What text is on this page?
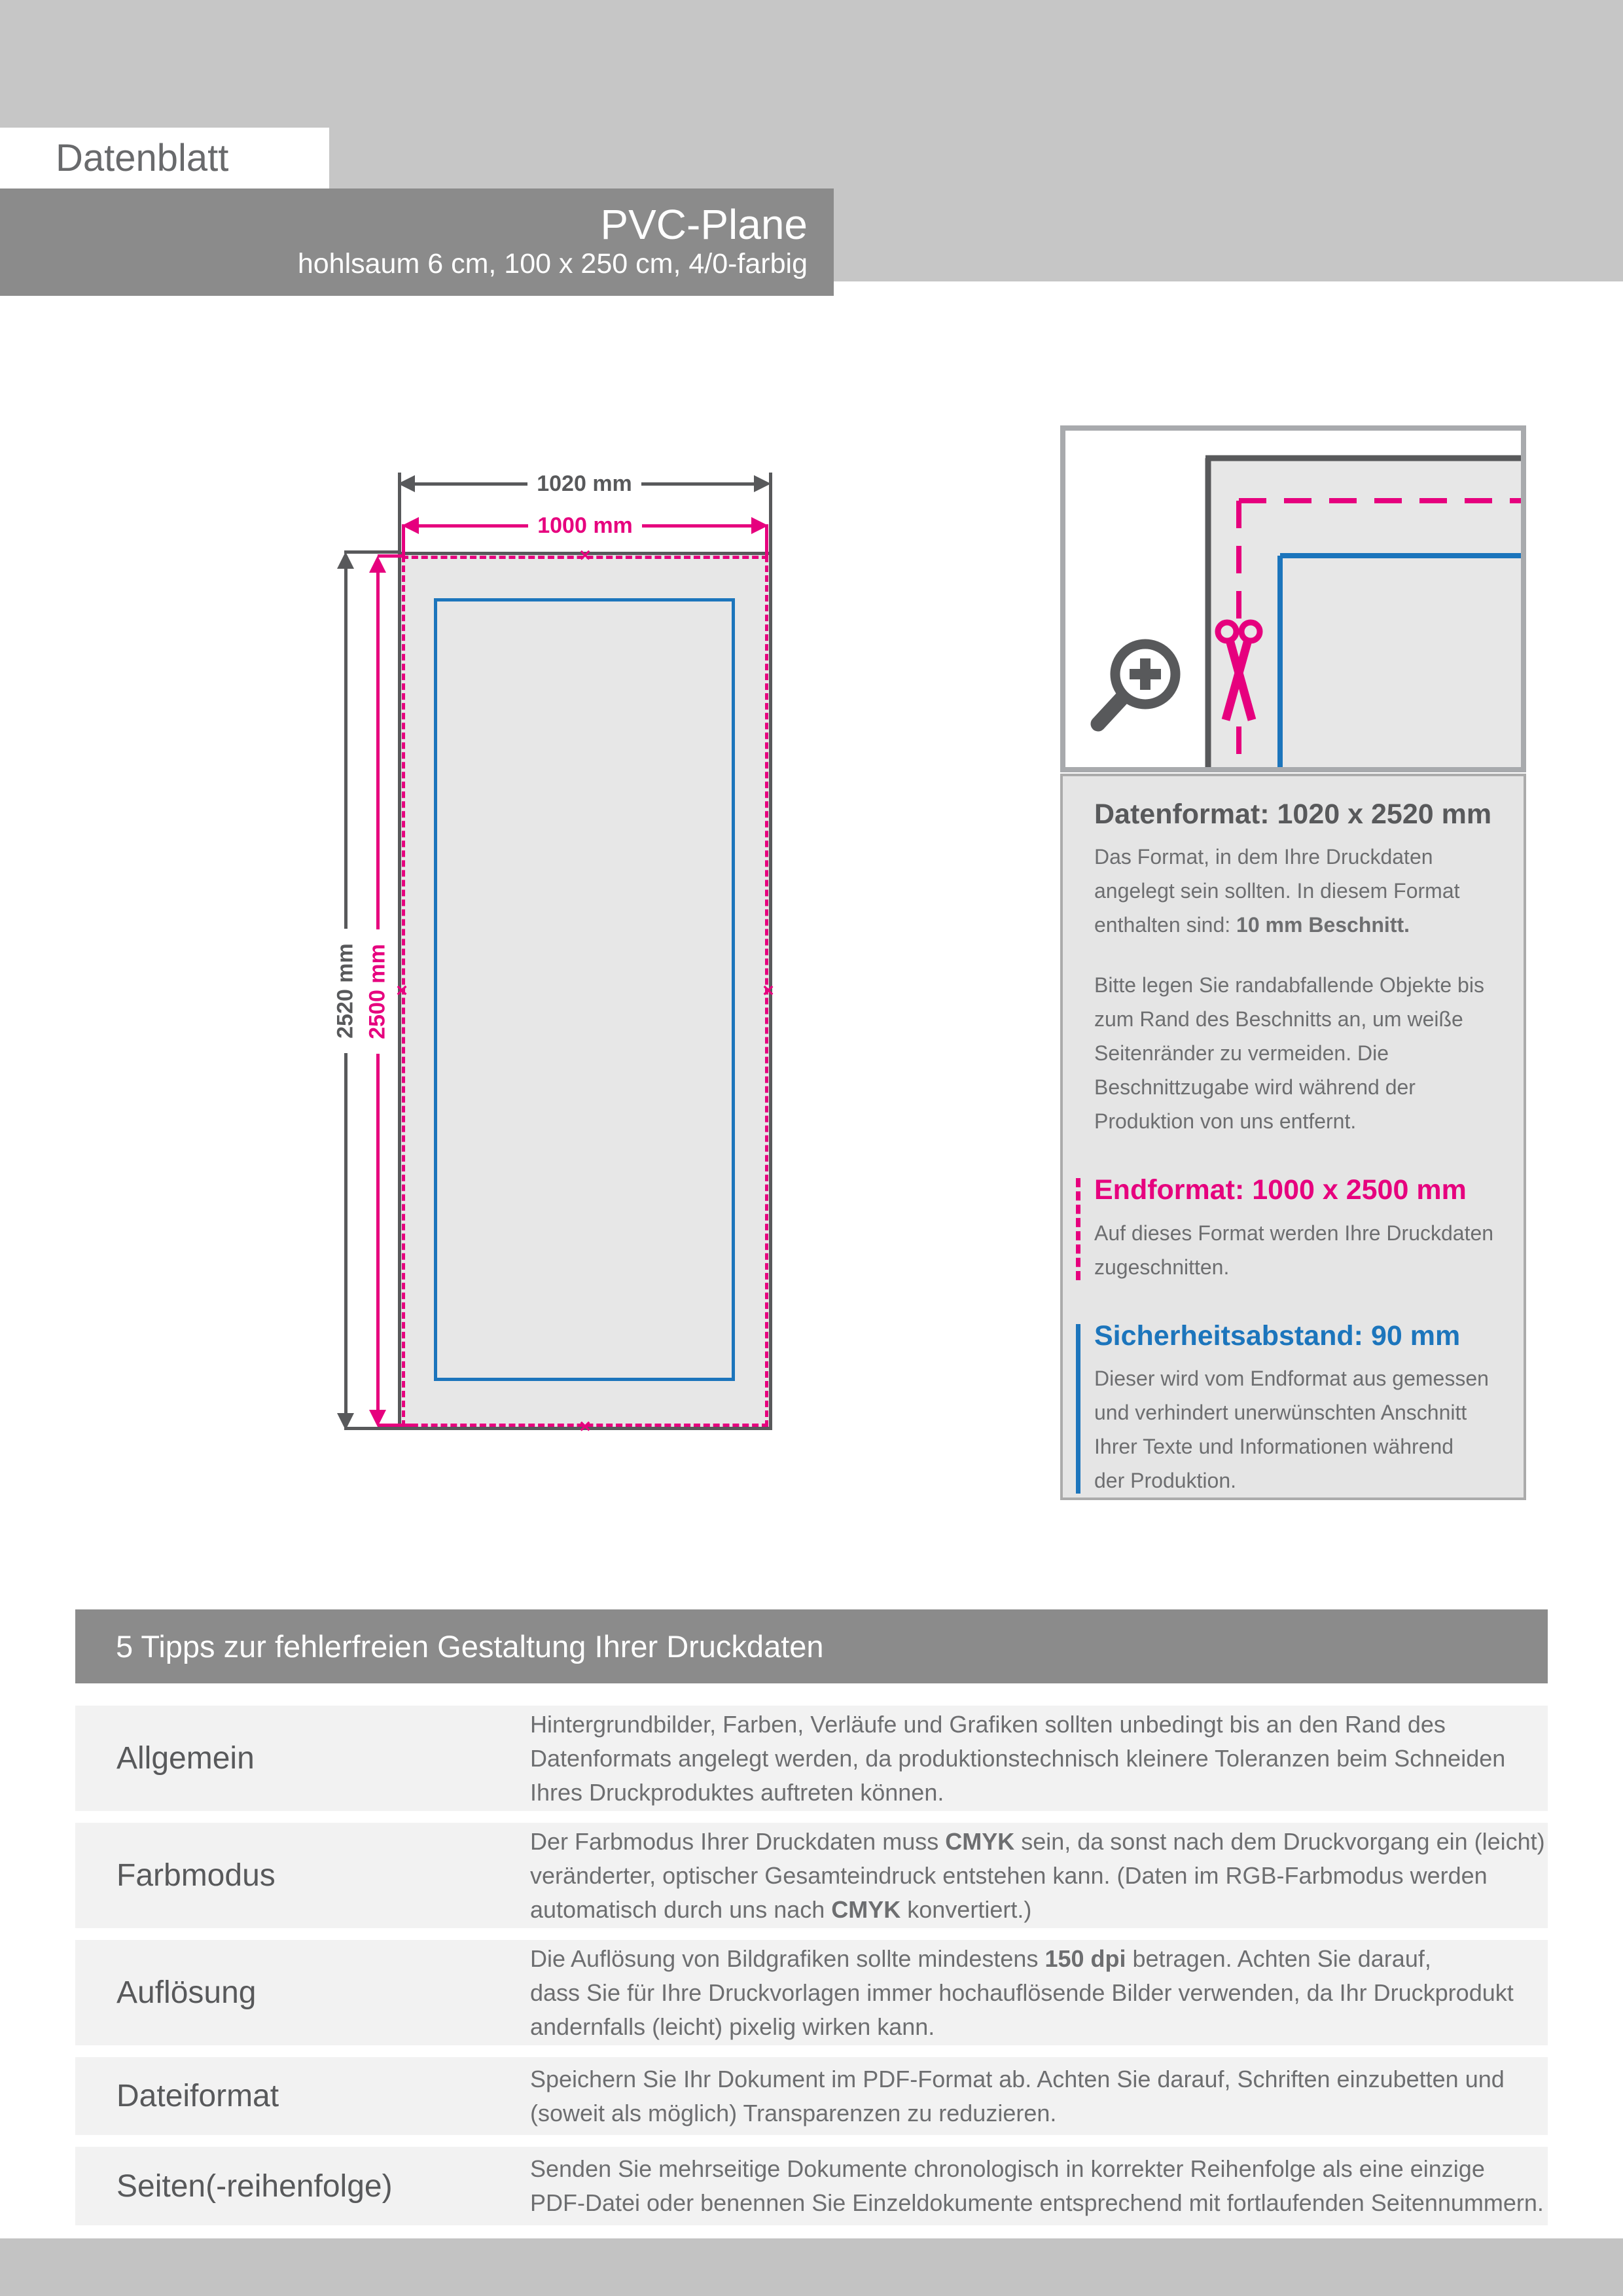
Datenblatt
PVC-Plane
hohlsaum 6 cm, 100 x 250 cm, 4/0-farbig
×
×
×
×
1020 mm
1000 mm
2520 mm 2500 mm
Datenformat: 1020 x 2520 mm
Das Format, in dem Ihre Druckdaten
angelegt sein sollten. In diesem Format
enthalten sind: 10 mm Beschnitt.
Bitte legen Sie randabfallende Objekte bis
zum Rand des Beschnitts an, um weiße
Seitenränder zu vermeiden. Die
Beschnittzugabe wird während der
Produktion von uns entfernt.
Endformat: 1000 x 2500 mm
Auf dieses Format werden Ihre Druckdaten
zugeschnitten.
Sicherheitsabstand: 90 mm
Dieser wird vom Endformat aus gemessen
und verhindert unerwünschten Anschnitt
Ihrer Texte und Informationen während
der Produktion.
5 Tipps zur fehlerfreien Gestaltung Ihrer Druckdaten
Allgemein
Hintergrundbilder, Farben, Verläufe und Grafiken sollten unbedingt bis an den Rand des
Datenformats angelegt werden, da produktionstechnisch kleinere Toleranzen beim Schneiden
Ihres Druckproduktes auftreten können.
Farbmodus
Der Farbmodus Ihrer Druckdaten muss CMYK sein, da sonst nach dem Druckvorgang ein (leicht)
veränderter, optischer Gesamteindruck entstehen kann. (Daten im RGB-Farbmodus werden
automatisch durch uns nach CMYK konvertiert.)
Auflösung
Die Auflösung von Bildgrafiken sollte mindestens 150 dpi betragen. Achten Sie darauf,
dass Sie für Ihre Druckvorlagen immer hochauflösende Bilder verwenden, da Ihr Druckprodukt
andernfalls (leicht) pixelig wirken kann.
Dateiformat	Speichern Sie Ihr Dokument im PDF-Format ab. Achten Sie darauf, Schriften einzubetten und
(soweit als möglich) Transparenzen zu reduzieren.
Seiten(-reihenfolge)	Senden Sie mehrseitige Dokumente chronologisch in korrekter Reihenfolge als eine einzige
PDF-Datei oder benennen Sie Einzeldokumente entsprechend mit fortlaufenden Seitennummern.
